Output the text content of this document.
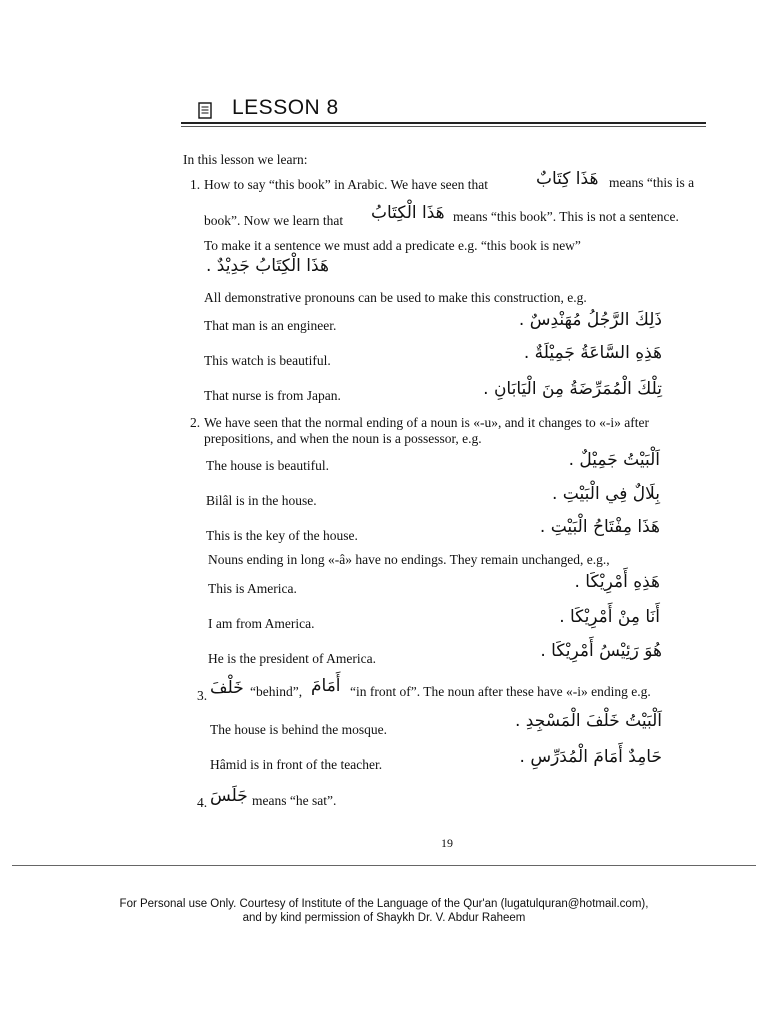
LESSON 8
In this lesson we learn:
1. How to say “this book” in Arabic. We have seen that	هَذَا كِتَابٌ means “this is a
book”. Now we learn that هَذَا الْكِتَابُ means “this book”. This is not a sentence.
To make it a sentence we must add a predicate e.g. “this book is new”
هَذَا الْكِتَابُ جَدِيْدٌ .
All demonstrative pronouns can be used to make this construction, e.g.
That man is an engineer.	ذَلِكَ الرَّجُلُ مُهَنْدِسٌ .
This watch is beautiful.	هَذِهِ السَّاعَةُ جَمِيْلَةٌ .
That nurse is from Japan.	تِلْكَ الْمُمَرِّضَةُ مِنَ الْيَابَانِ .
2. We have seen that the normal ending of a noun is «-u», and it changes to «-i» after
prepositions, and when the noun is a possessor, e.g.
The house is beautiful.	اَلْبَيْتُ جَمِيْلٌ .
Bilâl is in the house.	بِلَالٌ فِي الْبَيْتِ .
This is the key of the house.	هَذَا مِفْتَاحُ الْبَيْتِ .
Nouns ending in long «-â» have no endings. They remain unchanged, e.g.,
This is America.	هَذِهِ أَمْرِيْكَا .
I am from America.	أَنَا مِنْ أَمْرِيْكَا .
He is the president of America.	هُوَ رَئِيْسُ أَمْرِيْكَا .
3. خَلْفَ “behind”, أَمَامَ “in front of”. The noun after these have «-i» ending e.g.
The house is behind the mosque.	اَلْبَيْتُ خَلْفَ الْمَسْجِدِ .
Hâmid is in front of the teacher.	حَامِدٌ أَمَامَ الْمُدَرِّسِ .
4. جَلَسَ means “he sat”.
19
For Personal use Only. Courtesy of Institute of the Language of the Qur'an (lugatulquran@hotmail.com),
and by kind permission of Shaykh Dr. V. Abdur Raheem
